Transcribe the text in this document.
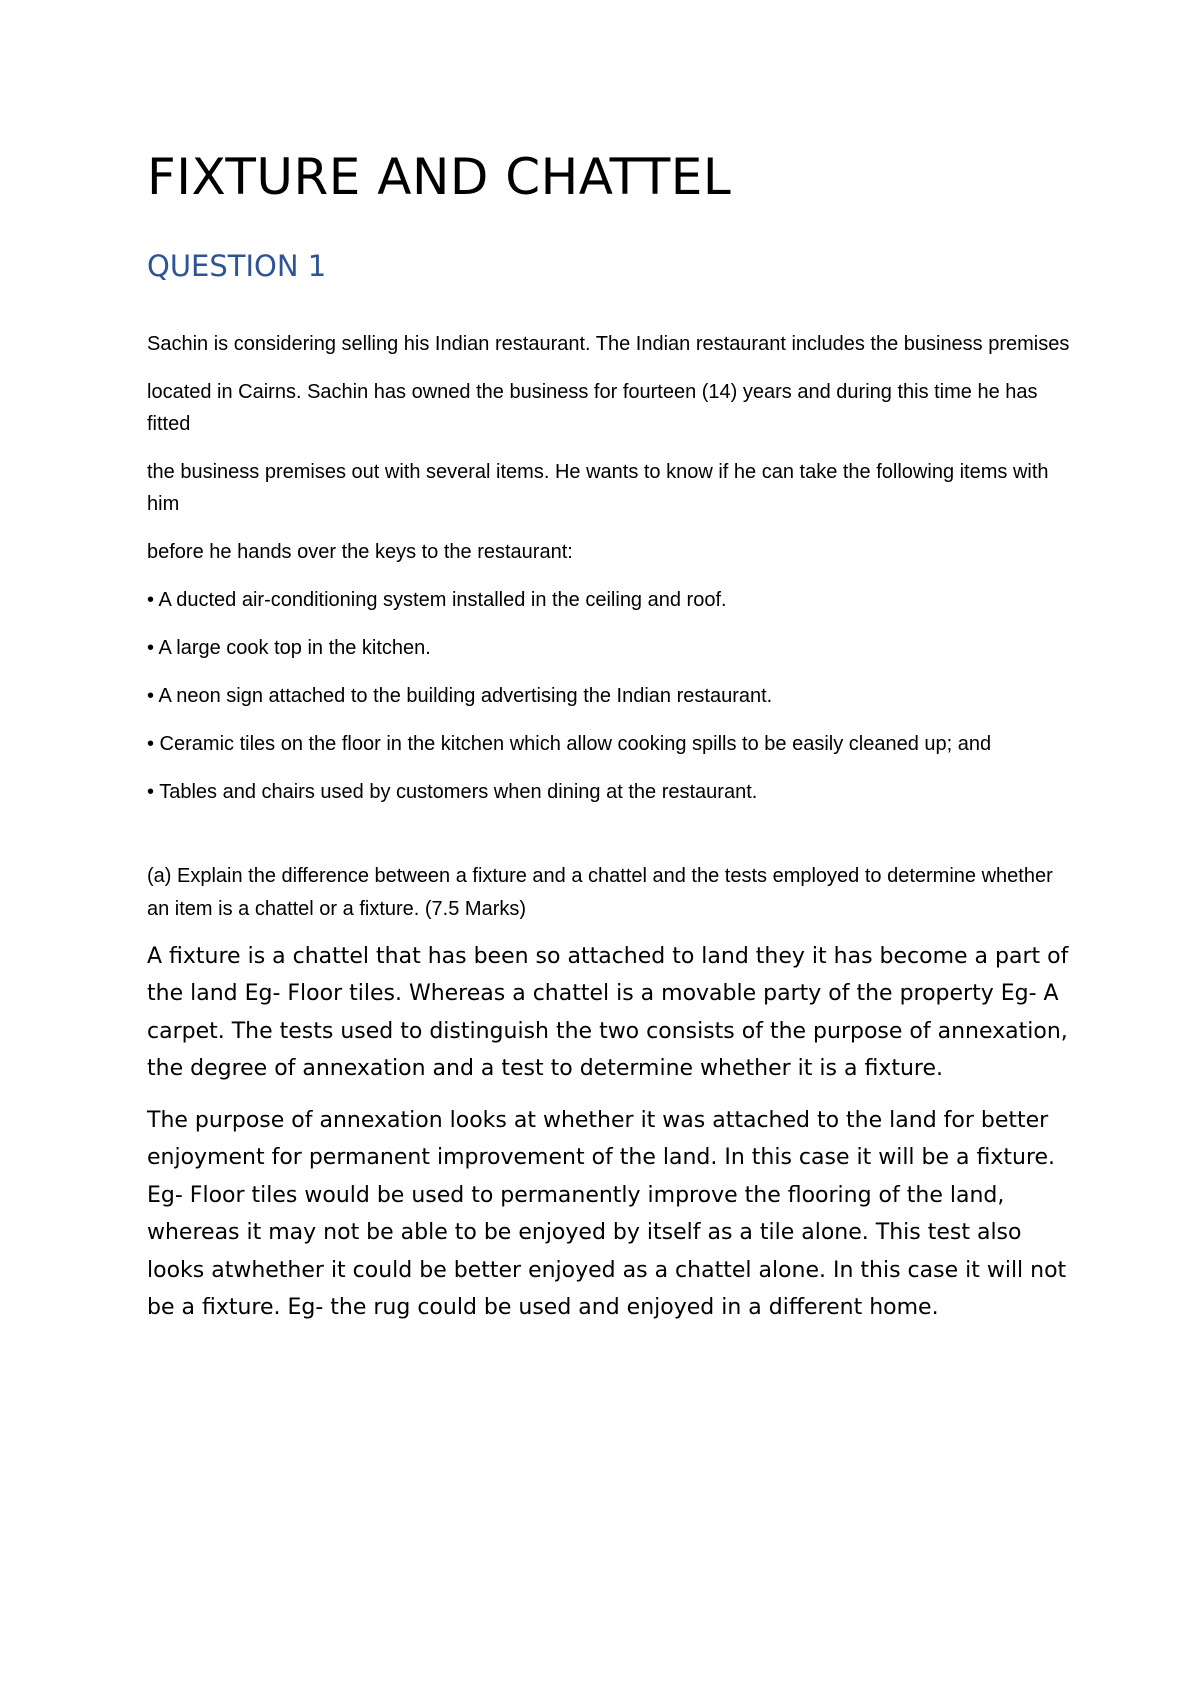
FIXTURE AND CHATTEL
QUESTION 1

Sachin is considering selling his Indian restaurant. The Indian restaurant includes the business premises

located in Cairns. Sachin has owned the business for fourteen (14) years and during this time he has fitted

the business premises out with several items. He wants to know if he can take the following items with him

before he hands over the keys to the restaurant:

• A ducted air-conditioning system installed in the ceiling and roof.

• A large cook top in the kitchen.

• A neon sign attached to the building advertising the Indian restaurant.

• Ceramic tiles on the floor in the kitchen which allow cooking spills to be easily cleaned up; and

• Tables and chairs used by customers when dining at the restaurant.

(a) Explain the difference between a fixture and a chattel and the tests employed to determine whether an item is a chattel or a fixture. (7.5 Marks)

A fixture is a chattel that has been so attached to land they it has become a part of the land Eg- Floor tiles. Whereas a chattel is a movable party of the property Eg- A carpet. The tests used to distinguish the two consists of the purpose of annexation, the degree of annexation and a test to determine whether it is a fixture.

The purpose of annexation looks at whether it was attached to the land for better enjoyment for permanent improvement of the land. In this case it will be a fixture. Eg- Floor tiles would be used to permanently improve the flooring of the land, whereas it may not be able to be enjoyed by itself as a tile alone. This test also looks atwhether it could be better enjoyed as a chattel alone. In this case it will not be a fixture. Eg- the rug could be used and enjoyed in a different home.
